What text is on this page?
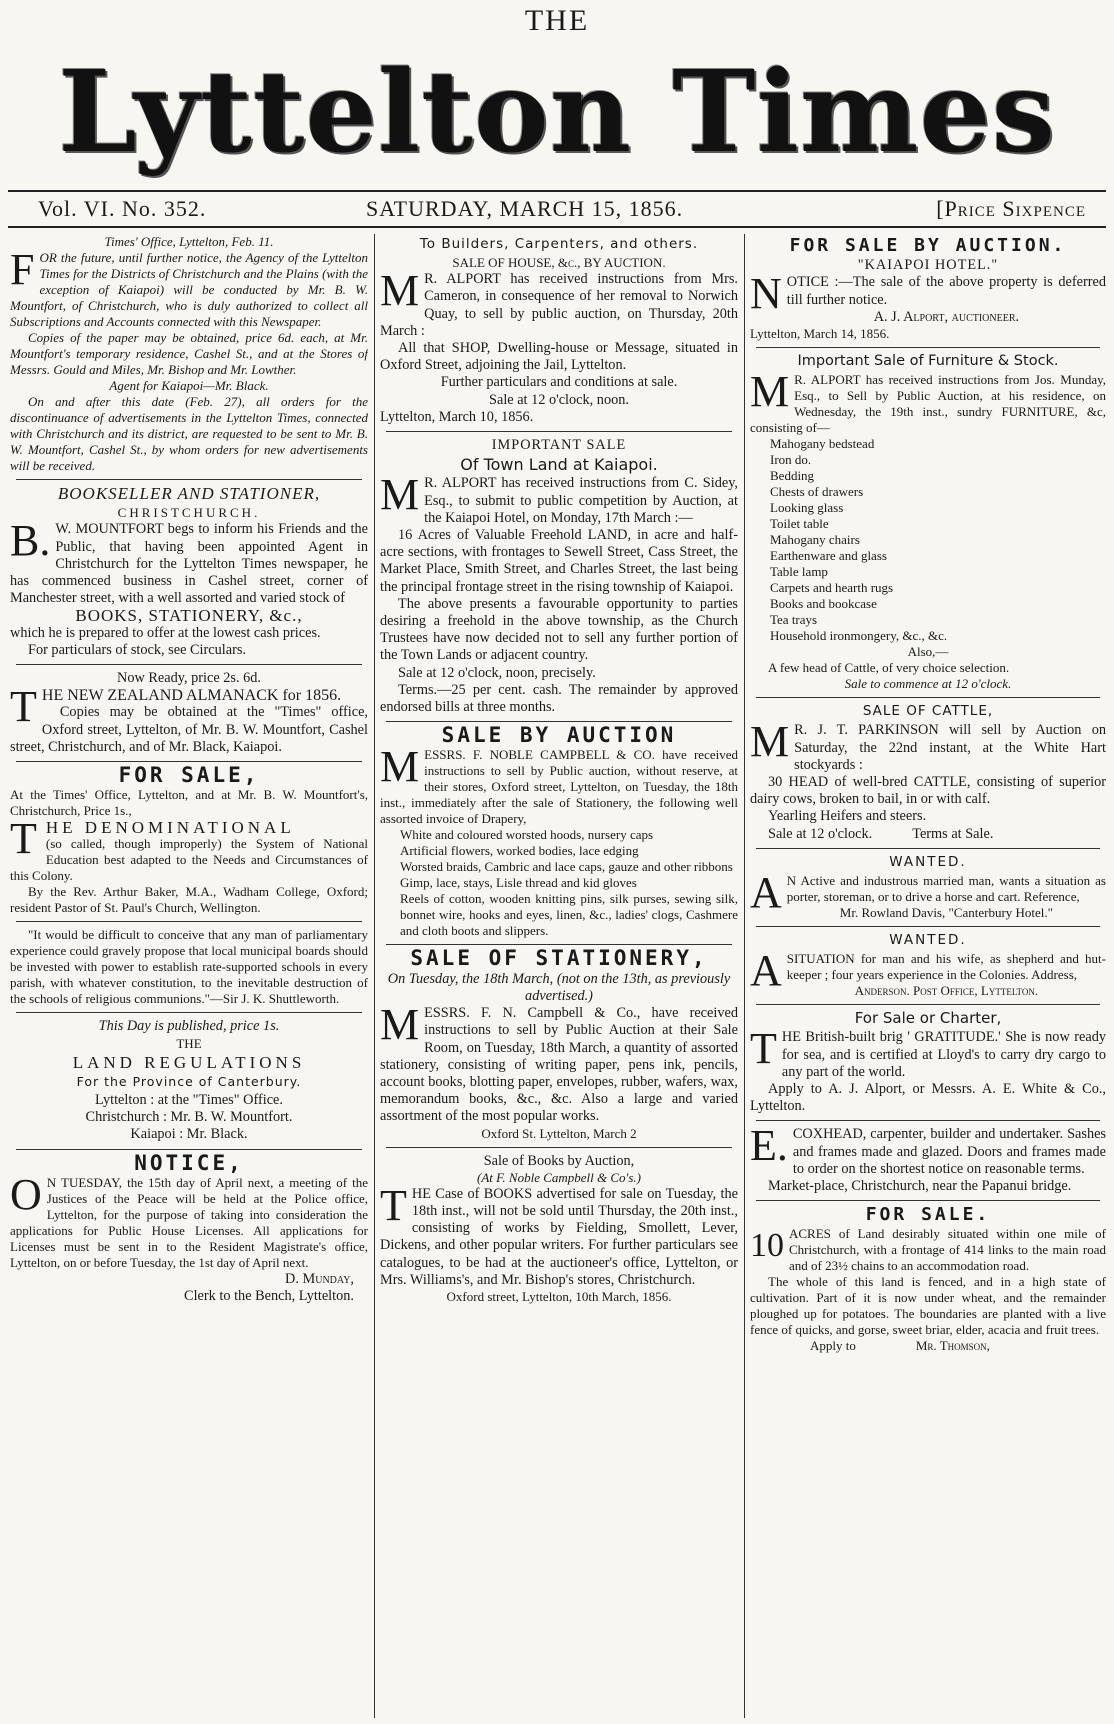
THE
Lyttelton Times
Vol. VI. No. 352.	SATURDAY, MARCH 15, 1856.	[Price Sixpence

Times' Office, Lyttelton, Feb. 11.

FOR the future, until further notice, the Agency of the Lyttelton Times for the Districts of Christchurch and the Plains (with the exception of Kaiapoi) will be conducted by Mr. B. W. Mountfort, of Christchurch, who is duly authorized to collect all Subscriptions and Accounts connected with this Newspaper.

Copies of the paper may be obtained, price 6d. each, at Mr. Mountfort's temporary residence, Cashel St., and at the Stores of Messrs. Gould and Miles, Mr. Bishop and Mr. Lowther.

Agent for Kaiapoi—Mr. Black.

On and after this date (Feb. 27), all orders for the discontinuance of advertisements in the Lyttelton Times, connected with Christchurch and its district, are requested to be sent to Mr. B. W. Mountfort, Cashel St., by whom orders for new advertisements will be received.

BOOKSELLER AND STATIONER,

CHRISTCHURCH.

B. W. MOUNTFORT begs to inform his Friends and the Public, that having been appointed Agent in Christchurch for the Lyttelton Times newspaper, he has commenced business in Cashel street, corner of Manchester street, with a well assorted and varied stock of

BOOKS, STATIONERY, &c.,

which he is prepared to offer at the lowest cash prices.

For particulars of stock, see Circulars.

Now Ready, price 2s. 6d.

THE NEW ZEALAND ALMANACK for 1856.

Copies may be obtained at the "Times" office, Oxford street, Lyttelton, of Mr. B. W. Mountfort, Cashel street, Christchurch, and of Mr. Black, Kaiapoi.

FOR SALE,

At the Times' Office, Lyttelton, and at Mr. B. W. Mountfort's, Christchurch, Price 1s.,

THE DENOMINATIONAL

(so called, though improperly) the System of National Education best adapted to the Needs and Circumstances of this Colony.

By the Rev. Arthur Baker, M.A., Wadham College, Oxford; resident Pastor of St. Paul's Church, Wellington.

"It would be difficult to conceive that any man of parliamentary experience could gravely propose that local municipal boards should be invested with power to establish rate-supported schools in every parish, with whatever constitution, to the inevitable destruction of the schools of religious communions."—Sir J. K. Shuttleworth.

This Day is published, price 1s.

THE

LAND REGULATIONS

For the Province of Canterbury.

Lyttelton : at the "Times" Office.

Christchurch : Mr. B. W. Mountfort.

Kaiapoi : Mr. Black.

NOTICE,

O N TUESDAY, the 15th day of April next, a meeting of the Justices of the Peace will be held at the Police office, Lyttelton, for the purpose of taking into consideration the applications for Public House Licenses. All applications for Licenses must be sent in to the Resident Magistrate's office, Lyttelton, on or before Tuesday, the 1st day of April next.

D. Munday,

Clerk to the Bench, Lyttelton.

To Builders, Carpenters, and others.

SALE OF HOUSE, &c., BY AUCTION.

M R. ALPORT has received instructions from Mrs. Cameron, in consequence of her removal to Norwich Quay, to sell by public auction, on Thursday, 20th March :

All that SHOP, Dwelling-house or Message, situated in Oxford Street, adjoining the Jail, Lyttelton.

Further particulars and conditions at sale.

Sale at 12 o'clock, noon.

Lyttelton, March 10, 1856.

IMPORTANT SALE

Of Town Land at Kaiapoi.

M R. ALPORT has received instructions from C. Sidey, Esq., to submit to public competition by Auction, at the Kaiapoi Hotel, on Monday, 17th March :—

16 Acres of Valuable Freehold LAND, in acre and half-acre sections, with frontages to Sewell Street, Cass Street, the Market Place, Smith Street, and Charles Street, the last being the principal frontage street in the rising township of Kaiapoi.

The above presents a favourable opportunity to parties desiring a freehold in the above township, as the Church Trustees have now decided not to sell any further portion of the Town Lands or adjacent country.

Sale at 12 o'clock, noon, precisely.

Terms.—25 per cent. cash. The remainder by approved endorsed bills at three months.

SALE BY AUCTION

MESSRS. F. NOBLE CAMPBELL & CO. have received instructions to sell by Public auction, without reserve, at their stores, Oxford street, Lyttelton, on Tuesday, the 18th inst., immediately after the sale of Stationery, the following well assorted invoice of Drapery,

White and coloured worsted hoods, nursery caps
Artificial flowers, worked bodies, lace edging
Worsted braids, Cambric and lace caps, gauze and other ribbons
Gimp, lace, stays, Lisle thread and kid gloves
Reels of cotton, wooden knitting pins, silk purses, sewing silk, bonnet wire, hooks and eyes, linen, &c., ladies' clogs, Cashmere and cloth boots and slippers.

SALE OF STATIONERY,

On Tuesday, the 18th March, (not on the 13th, as previously advertised.)

MESSRS. F. N. Campbell & Co., have received instructions to sell by Public Auction at their Sale Room, on Tuesday, 18th March, a quantity of assorted stationery, consisting of writing paper, pens ink, pencils, account books, blotting paper, envelopes, rubber, wafers, wax, memorandum books, &c., &c. Also a large and varied assortment of the most popular works.

Oxford St. Lyttelton, March 2

Sale of Books by Auction,

(At F. Noble Campbell & Co's.)

THE Case of BOOKS advertised for sale on Tuesday, the 18th inst., will not be sold until Thursday, the 20th inst., consisting of works by Fielding, Smollett, Lever, Dickens, and other popular writers. For further particulars see catalogues, to be had at the auctioneer's office, Lyttelton, or Mrs. Williams's, and Mr. Bishop's stores, Christchurch.

Oxford street, Lyttelton, 10th March, 1856.

FOR SALE BY AUCTION.

"KAIAPOI HOTEL."

NOTICE :—The sale of the above property is deferred till further notice.

A. J. Alport, auctioneer.

Lyttelton, March 14, 1856.

Important Sale of Furniture & Stock.

M R. ALPORT has received instructions from Jos. Munday, Esq., to Sell by Public Auction, at his residence, on Wednesday, the 19th inst., sundry FURNITURE, &c, consisting of—

Mahogany bedstead
Iron do.
Bedding
Chests of drawers
Looking glass
Toilet table
Mahogany chairs
Earthenware and glass
Table lamp
Carpets and hearth rugs
Books and bookcase
Tea trays
Household ironmongery, &c., &c.

Also,—

A few head of Cattle, of very choice selection.

Sale to commence at 12 o'clock.

SALE OF CATTLE,

M R. J. T. PARKINSON will sell by Auction on Saturday, the 22nd instant, at the White Hart stockyards :

30 HEAD of well-bred CATTLE, consisting of superior dairy cows, broken to bail, in or with calf.

Yearling Heifers and steers.

Sale at 12 o'clock.	Terms at Sale.

WANTED.

A N Active and industrous married man, wants a situation as porter, storeman, or to drive a horse and cart. Reference,

Mr. Rowland Davis, "Canterbury Hotel."

WANTED.

ASITUATION for man and his wife, as shepherd and hut-keeper ; four years experience in the Colonies. Address,

Anderson. Post Office, Lyttelton.

For Sale or Charter,

THE British-built brig ' GRATITUDE.' She is now ready for sea, and is certified at Lloyd's to carry dry cargo to any part of the world.

Apply to A. J. Alport, or Messrs. A. E. White & Co., Lyttelton.

E. COXHEAD, carpenter, builder and undertaker. Sashes and frames made and glazed. Doors and frames made to order on the shortest notice on reasonable terms.

Market-place, Christchurch, near the Papanui bridge.

FOR SALE.

10 ACRES of Land desirably situated within one mile of Christchurch, with a frontage of 414 links to the main road and of 23½ chains to an accommodation road.

The whole of this land is fenced, and in a high state of cultivation. Part of it is now under wheat, and the remainder ploughed up for potatoes. The boundaries are planted with a live fence of quicks, and gorse, sweet briar, elder, acacia and fruit trees.

Apply to	Mr. Thomson,
